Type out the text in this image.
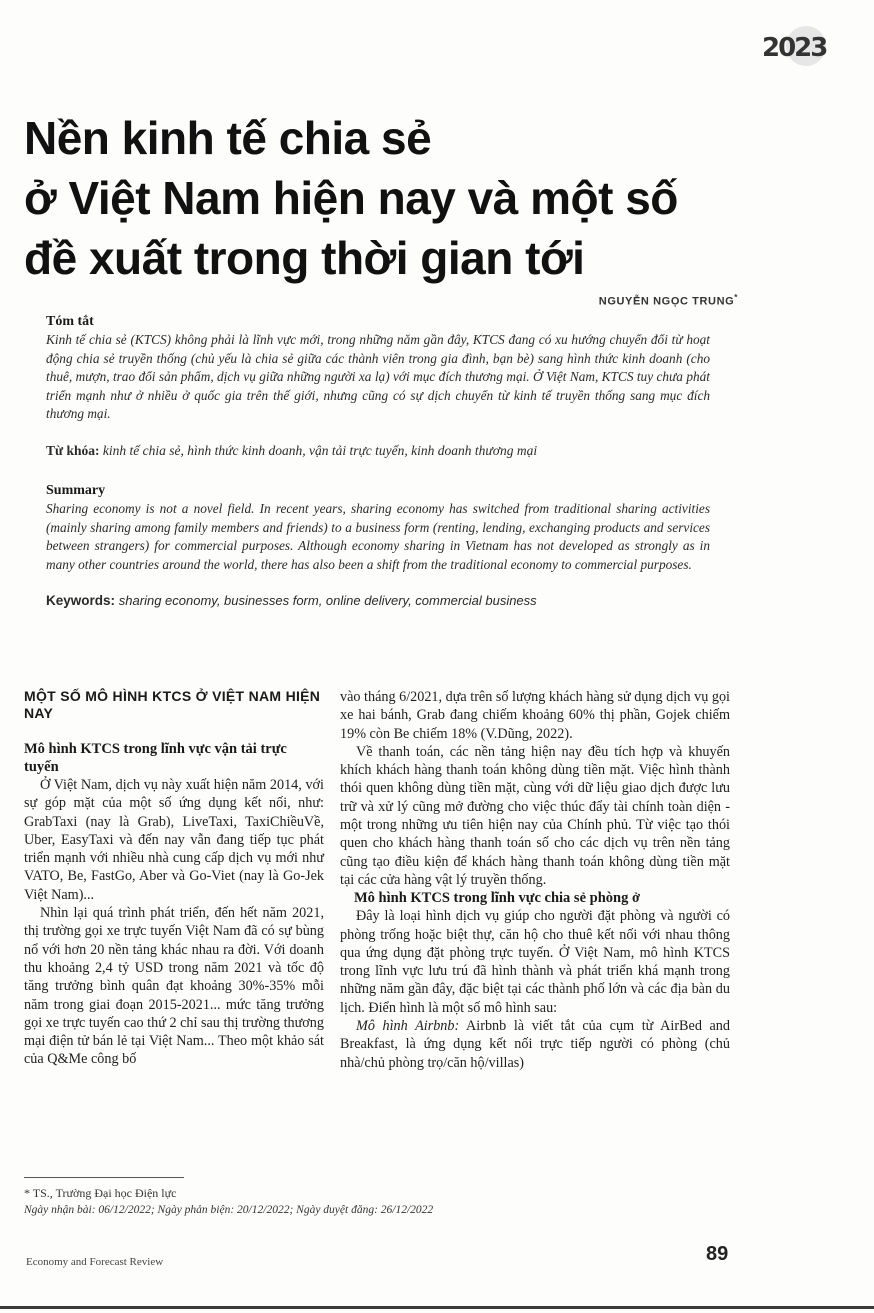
2023
Nền kinh tế chia sẻ
ở Việt Nam hiện nay và một số
đề xuất trong thời gian tới
NGUYỄN NGỌC TRUNG*
Tóm tắt

Kinh tế chia sẻ (KTCS) không phải là lĩnh vực mới, trong những năm gần đây, KTCS đang có xu hướng chuyển đổi từ hoạt động chia sẻ truyền thống (chủ yếu là chia sẻ giữa các thành viên trong gia đình, bạn bè) sang hình thức kinh doanh (cho thuê, mượn, trao đổi sản phẩm, dịch vụ giữa những người xa lạ) với mục đích thương mại. Ở Việt Nam, KTCS tuy chưa phát triển mạnh như ở nhiều ở quốc gia trên thế giới, nhưng cũng có sự dịch chuyển từ kinh tế truyền thống sang mục đích thương mại.

Từ khóa: kinh tế chia sẻ, hình thức kinh doanh, vận tải trực tuyến, kinh doanh thương mại

Summary

Sharing economy is not a novel field. In recent years, sharing economy has switched from traditional sharing activities (mainly sharing among family members and friends) to a business form (renting, lending, exchanging products and services between strangers) for commercial purposes. Although economy sharing in Vietnam has not developed as strongly as in many other countries around the world, there has also been a shift from the traditional economy to commercial purposes.

Keywords: sharing economy, businesses form, online delivery, commercial business

MỘT SỐ MÔ HÌNH KTCS Ở VIỆT NAM HIỆN NAY
Mô hình KTCS trong lĩnh vực vận tải trực tuyến

Ở Việt Nam, dịch vụ này xuất hiện năm 2014, với sự góp mặt của một số ứng dụng kết nối, như: GrabTaxi (nay là Grab), LiveTaxi, TaxiChiềuVề, Uber, EasyTaxi và đến nay vẫn đang tiếp tục phát triển mạnh với nhiều nhà cung cấp dịch vụ mới như VATO, Be, FastGo, Aber và Go-Viet (nay là Go-Jek Việt Nam)...

Nhìn lại quá trình phát triển, đến hết năm 2021, thị trường gọi xe trực tuyến Việt Nam đã có sự bùng nổ với hơn 20 nền tảng khác nhau ra đời. Với doanh thu khoảng 2,4 tỷ USD trong năm 2021 và tốc độ tăng trưởng bình quân đạt khoảng 30%-35% mỗi năm trong giai đoạn 2015-2021... mức tăng trưởng gọi xe trực tuyến cao thứ 2 chỉ sau thị trường thương mại điện tử bán lẻ tại Việt Nam... Theo một khảo sát của Q&Me công bố

vào tháng 6/2021, dựa trên số lượng khách hàng sử dụng dịch vụ gọi xe hai bánh, Grab đang chiếm khoảng 60% thị phần, Gojek chiếm 19% còn Be chiếm 18% (V.Dũng, 2022).

Về thanh toán, các nền tảng hiện nay đều tích hợp và khuyến khích khách hàng thanh toán không dùng tiền mặt. Việc hình thành thói quen không dùng tiền mặt, cùng với dữ liệu giao dịch được lưu trữ và xử lý cũng mở đường cho việc thúc đẩy tài chính toàn diện - một trong những ưu tiên hiện nay của Chính phủ. Từ việc tạo thói quen cho khách hàng thanh toán số cho các dịch vụ trên nền tảng cũng tạo điều kiện để khách hàng thanh toán không dùng tiền mặt tại các cửa hàng vật lý truyền thống.

Mô hình KTCS trong lĩnh vực chia sẻ phòng ở

Đây là loại hình dịch vụ giúp cho người đặt phòng và người có phòng trống hoặc biệt thự, căn hộ cho thuê kết nối với nhau thông qua ứng dụng đặt phòng trực tuyến. Ở Việt Nam, mô hình KTCS trong lĩnh vực lưu trú đã hình thành và phát triển khá mạnh trong những năm gần đây, đặc biệt tại các thành phố lớn và các địa bàn du lịch. Điển hình là một số mô hình sau:

Mô hình Airbnb: Airbnb là viết tắt của cụm từ AirBed and Breakfast, là ứng dụng kết nối trực tiếp người có phòng (chủ nhà/chủ phòng trọ/căn hộ/villas)

* TS., Trường Đại học Điện lực
Ngày nhận bài: 06/12/2022; Ngày phản biện: 20/12/2022; Ngày duyệt đăng: 26/12/2022
Economy and Forecast Review	89
